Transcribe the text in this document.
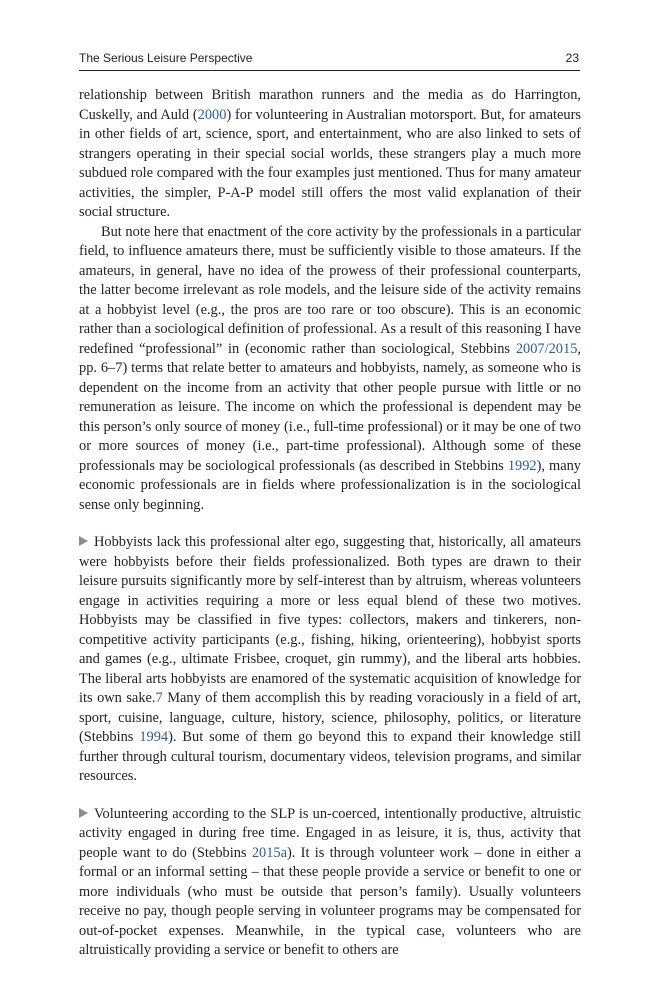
The Serious Leisure Perspective	23

relationship between British marathon runners and the media as do Harrington, Cuskelly, and Auld (2000) for volunteering in Australian motorsport. But, for amateurs in other fields of art, science, sport, and entertainment, who are also linked to sets of strangers operating in their special social worlds, these strangers play a much more subdued role compared with the four examples just mentioned. Thus for many amateur activities, the simpler, P-A-P model still offers the most valid explanation of their social structure.

But note here that enactment of the core activity by the professionals in a particular field, to influence amateurs there, must be sufficiently visible to those amateurs. If the amateurs, in general, have no idea of the prowess of their professional counterparts, the latter become irrelevant as role models, and the leisure side of the activity remains at a hobbyist level (e.g., the pros are too rare or too obscure). This is an economic rather than a sociological definition of professional. As a result of this reasoning I have redefined “professional” in (economic rather than sociological, Stebbins 2007/2015, pp. 6–7) terms that relate better to amateurs and hobbyists, namely, as someone who is dependent on the income from an activity that other people pursue with little or no remuneration as leisure. The income on which the professional is dependent may be this person’s only source of money (i.e., full-time professional) or it may be one of two or more sources of money (i.e., part-time professional). Although some of these professionals may be sociological professionals (as described in Stebbins 1992), many economic professionals are in fields where professionalization is in the sociological sense only beginning.

Hobbyists lack this professional alter ego, suggesting that, historically, all amateurs were hobbyists before their fields professionalized. Both types are drawn to their leisure pursuits significantly more by self-interest than by altruism, whereas volunteers engage in activities requiring a more or less equal blend of these two motives. Hobbyists may be classified in five types: collectors, makers and tinkerers, non-competitive activity participants (e.g., fishing, hiking, orienteering), hobbyist sports and games (e.g., ultimate Frisbee, croquet, gin rummy), and the liberal arts hobbies. The liberal arts hobbyists are enamored of the systematic acquisition of knowledge for its own sake.7 Many of them accomplish this by reading voraciously in a field of art, sport, cuisine, language, culture, history, science, philosophy, politics, or literature (Stebbins 1994). But some of them go beyond this to expand their knowledge still further through cultural tourism, documentary videos, television programs, and similar resources.

Volunteering according to the SLP is un-coerced, intentionally productive, altruistic activity engaged in during free time. Engaged in as leisure, it is, thus, activity that people want to do (Stebbins 2015a). It is through volunteer work – done in either a formal or an informal setting – that these people provide a service or benefit to one or more individuals (who must be outside that person’s family). Usually volunteers receive no pay, though people serving in volunteer programs may be compensated for out-of-pocket expenses. Meanwhile, in the typical case, volunteers who are altruistically providing a service or benefit to others are
